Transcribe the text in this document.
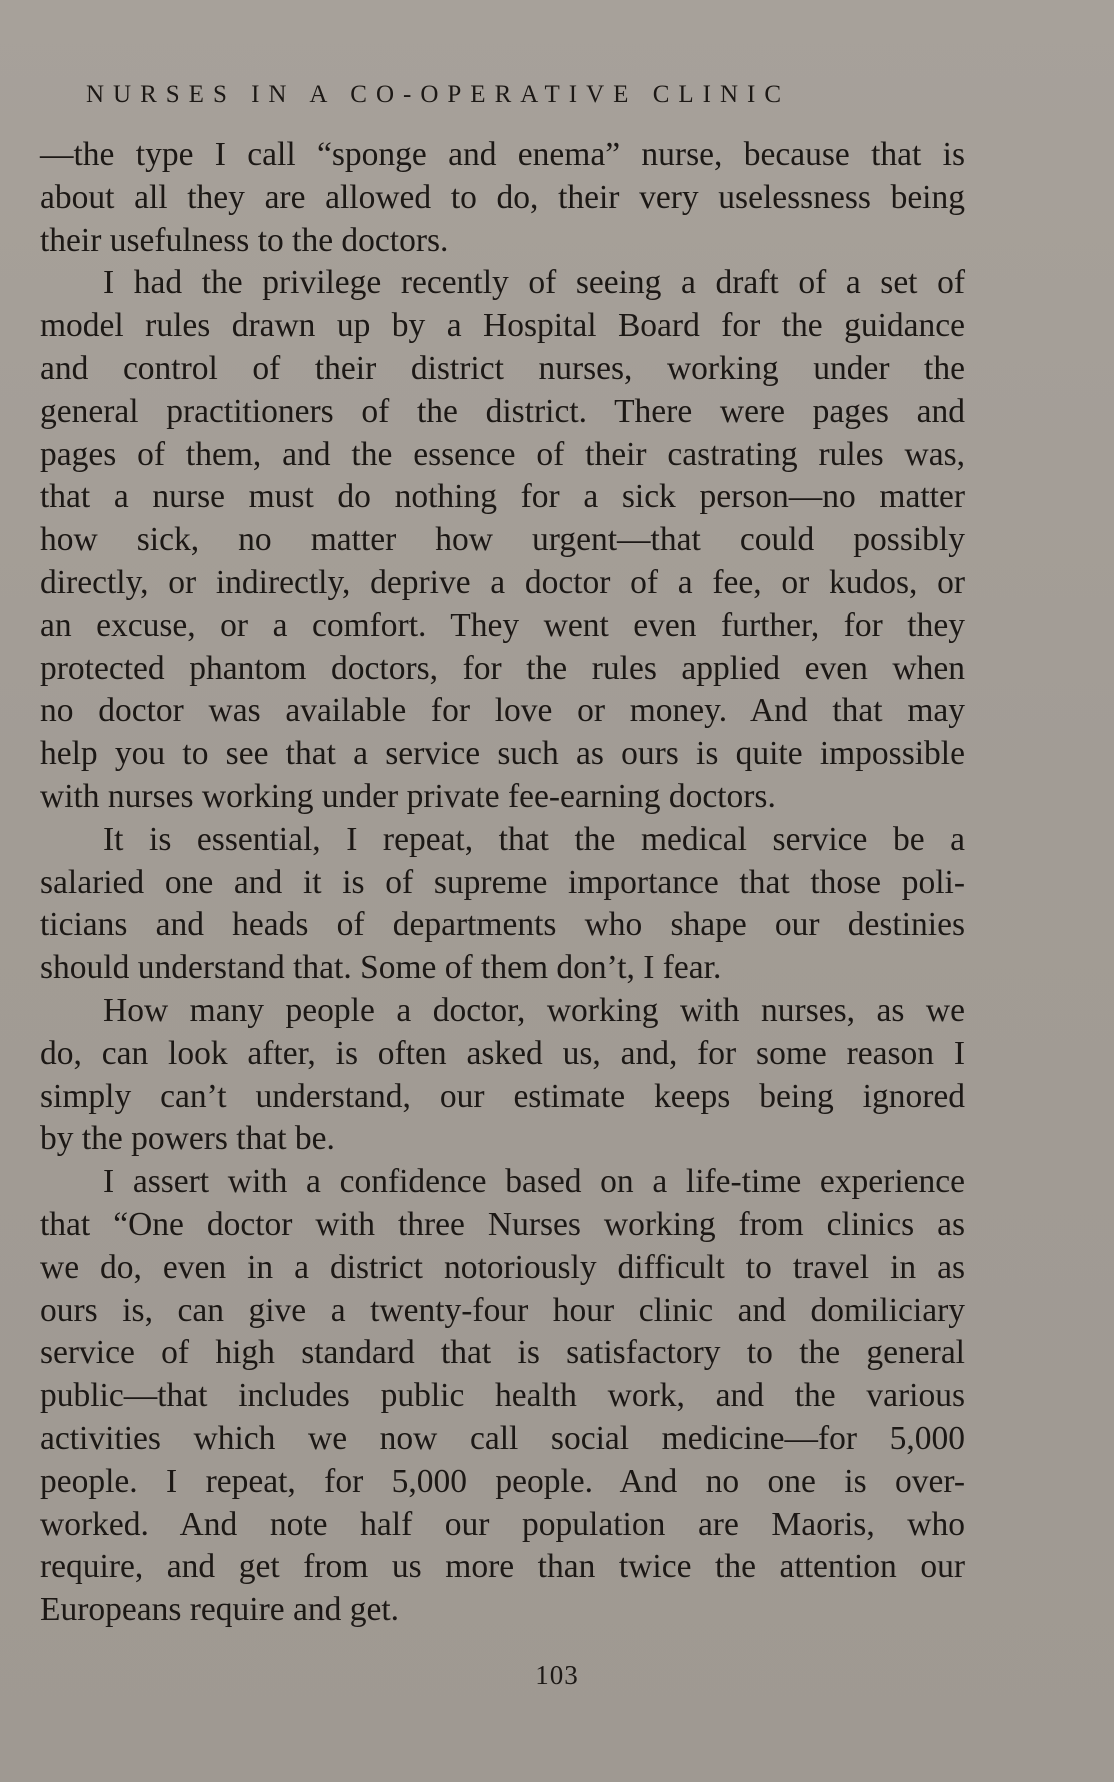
NURSES IN A CO-OPERATIVE CLINIC

—the type I call “sponge and enema” nurse, because that is
about all they are allowed to do, their very uselessness being
their usefulness to the doctors.

I had the privilege recently of seeing a draft of a set of
model rules drawn up by a Hospital Board for the guidance
and control of their district nurses, working under the
general practitioners of the district. There were pages and
pages of them, and the essence of their castrating rules was,
that a nurse must do nothing for a sick person—no matter
how sick, no matter how urgent—that could possibly
directly, or indirectly, deprive a doctor of a fee, or kudos, or
an excuse, or a comfort. They went even further, for they
protected phantom doctors, for the rules applied even when
no doctor was available for love or money. And that may
help you to see that a service such as ours is quite impossible
with nurses working under private fee-earning doctors.

It is essential, I repeat, that the medical service be a
salaried one and it is of supreme importance that those poli-
ticians and heads of departments who shape our destinies
should understand that. Some of them don’t, I fear.

How many people a doctor, working with nurses, as we
do, can look after, is often asked us, and, for some reason I
simply can’t understand, our estimate keeps being ignored
by the powers that be.

I assert with a confidence based on a life-time experience
that “One doctor with three Nurses working from clinics as
we do, even in a district notoriously difficult to travel in as
ours is, can give a twenty-four hour clinic and domiliciary
service of high standard that is satisfactory to the general
public—that includes public health work, and the various
activities which we now call social medicine—for 5,000
people. I repeat, for 5,000 people. And no one is over-
worked. And note half our population are Maoris, who
require, and get from us more than twice the attention our
Europeans require and get.

103
